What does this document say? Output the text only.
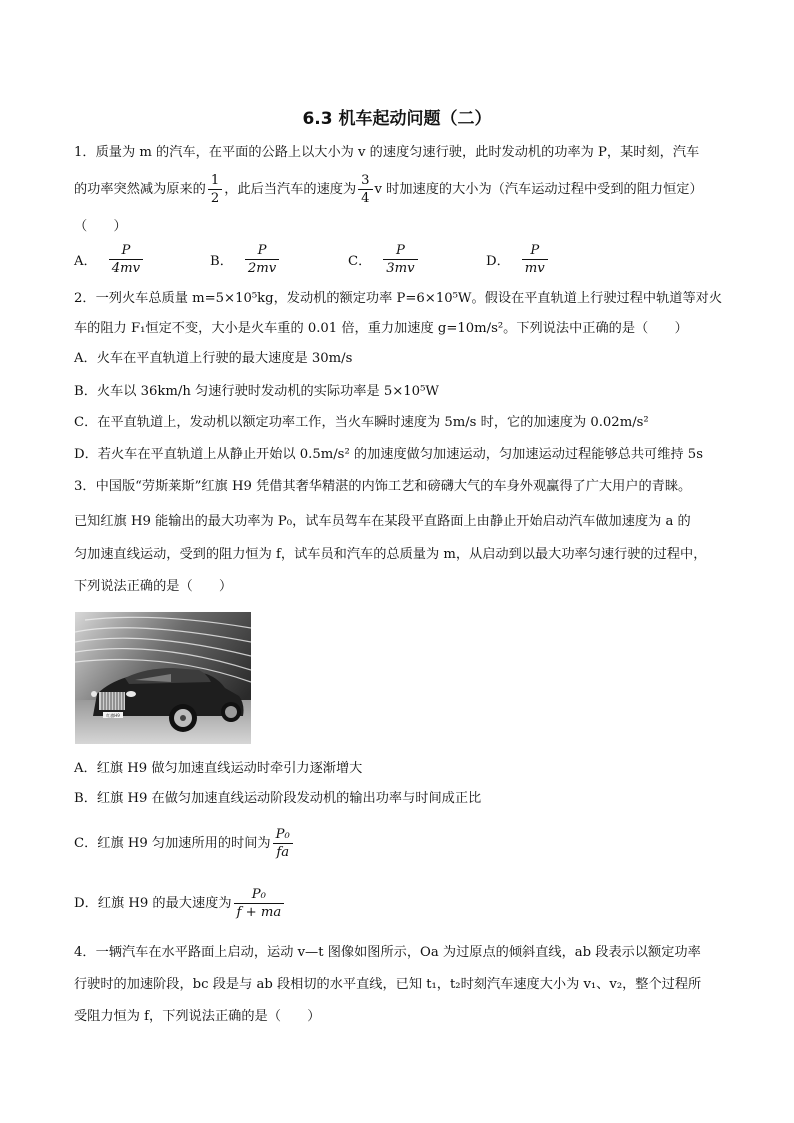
6.3 机车起动问题（二）
1．质量为 m 的汽车，在平面的公路上以大小为 v 的速度匀速行驶，此时发动机的功率为 P，某时刻，汽车
的功率突然减为原来的 $\frac{1}{2}$ ，此后当汽车的速度为 $\frac{3}{4}$ v 时加速度的大小为（汽车运动过程中受到的阻力恒定）
（　　）
A． $\frac{P}{4mv}$	B． $\frac{P}{2mv}$	C． $\frac{P}{3mv}$	D． $\frac{P}{mv}$
2．一列火车总质量 m=5×10⁵kg，发动机的额定功率 P=6×10⁵W。假设在平直轨道上行驶过程中轨道等对火
车的阻力 F₁恒定不变，大小是火车重的 0.01 倍，重力加速度 g=10m/s²。下列说法中正确的是（　　）
A．火车在平直轨道上行驶的最大速度是 30m/s
B．火车以 36km/h 匀速行驶时发动机的实际功率是 5×10⁵W
C．在平直轨道上，发动机以额定功率工作，当火车瞬时速度为 5m/s 时，它的加速度为 0.02m/s²
D．若火车在平直轨道上从静止开始以 0.5m/s² 的加速度做匀加速运动，匀加速运动过程能够总共可维持 5s
3．中国版“劳斯莱斯”红旗 H9 凭借其奢华精湛的内饰工艺和磅礴大气的车身外观赢得了广大用户的青睐。
已知红旗 H9 能输出的最大功率为 P₀，试车员驾车在某段平直路面上由静止开始启动汽车做加速度为 a 的
匀加速直线运动，受到的阻力恒为 f，试车员和汽车的总质量为 m，从启动到以最大功率匀速行驶的过程中，
下列说法正确的是（　　）
红旗H9
A．红旗 H9 做匀加速直线运动时牵引力逐渐增大
B．红旗 H9 在做匀加速直线运动阶段发动机的输出功率与时间成正比
C．红旗 H9 匀加速所用的时间为 $\frac{\text{P₀}}{fa}$
D．红旗 H9 的最大速度为 $\frac{\text{P₀}}{f + ma}$
4．一辆汽车在水平路面上启动，运动 v—t 图像如图所示，Oa 为过原点的倾斜直线，ab 段表示以额定功率
行驶时的加速阶段，bc 段是与 ab 段相切的水平直线，已知 t₁，t₂时刻汽车速度大小为 v₁、v₂，整个过程所
受阻力恒为 f，下列说法正确的是（　　）
